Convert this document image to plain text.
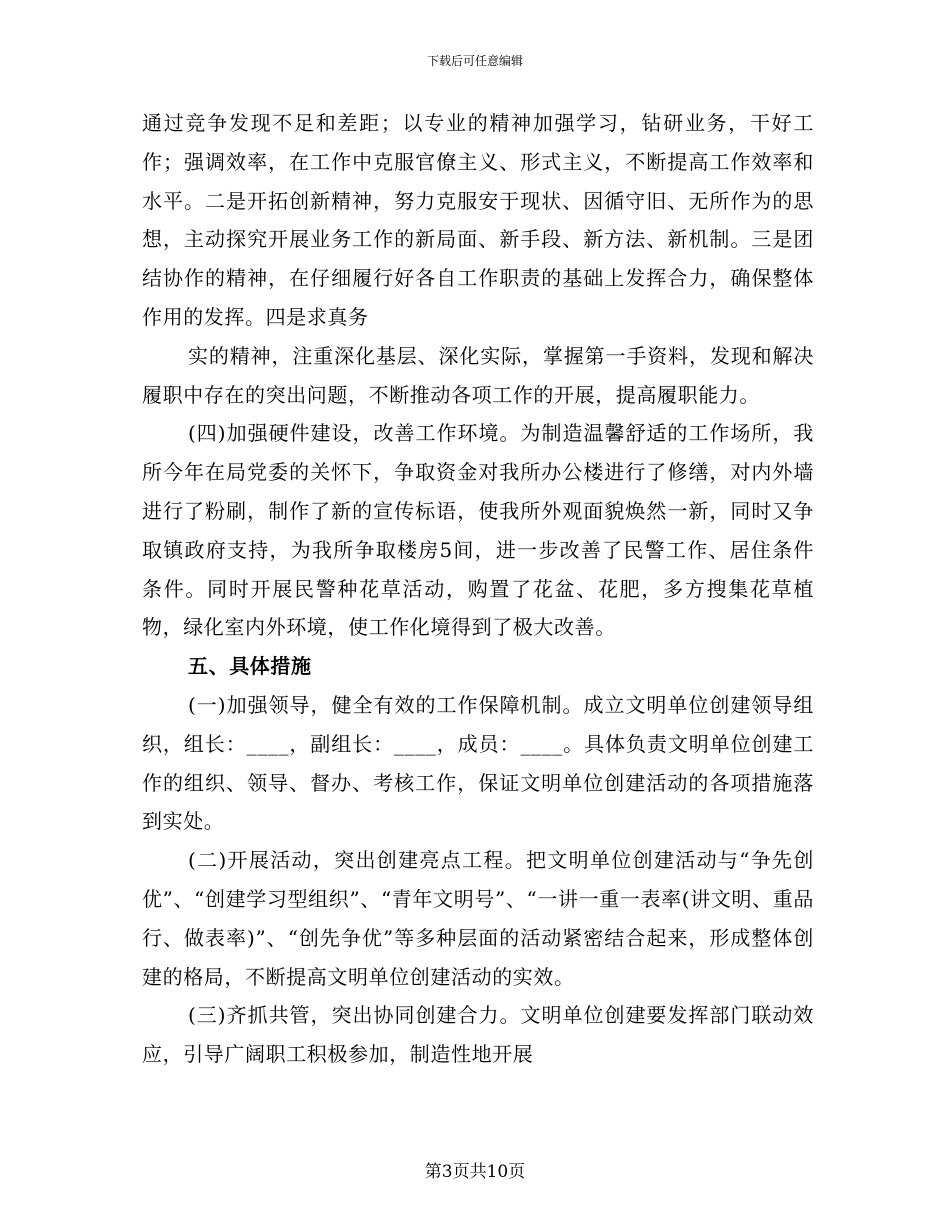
下载后可任意编辑

通过竞争发现不足和差距；以专业的精神加强学习，钻研业务，干好工作；强调效率，在工作中克服官僚主义、形式主义，不断提高工作效率和水平。二是开拓创新精神，努力克服安于现状、因循守旧、无所作为的思想，主动探究开展业务工作的新局面、新手段、新方法、新机制。三是团结协作的精神，在仔细履行好各自工作职责的基础上发挥合力，确保整体作用的发挥。四是求真务

实的精神，注重深化基层、深化实际，掌握第一手资料，发现和解决履职中存在的突出问题，不断推动各项工作的开展，提高履职能力。

(四)加强硬件建设，改善工作环境。为制造温馨舒适的工作场所，我所今年在局党委的关怀下，争取资金对我所办公楼进行了修缮，对内外墙进行了粉刷，制作了新的宣传标语，使我所外观面貌焕然一新，同时又争取镇政府支持，为我所争取楼房5间，进一步改善了民警工作、居住条件条件。同时开展民警种花草活动，购置了花盆、花肥，多方搜集花草植物，绿化室内外环境，使工作化境得到了极大改善。

五、具体措施

(一)加强领导，健全有效的工作保障机制。成立文明单位创建领导组织，组长：____，副组长：____，成员：____。具体负责文明单位创建工作的组织、领导、督办、考核工作，保证文明单位创建活动的各项措施落到实处。

(二)开展活动，突出创建亮点工程。把文明单位创建活动与“争先创优”、“创建学习型组织”、“青年文明号”、“一讲一重一表率(讲文明、重品行、做表率)”、“创先争优”等多种层面的活动紧密结合起来，形成整体创建的格局，不断提高文明单位创建活动的实效。

(三)齐抓共管，突出协同创建合力。文明单位创建要发挥部门联动效应，引导广阔职工积极参加，制造性地开展

第3页共10页
